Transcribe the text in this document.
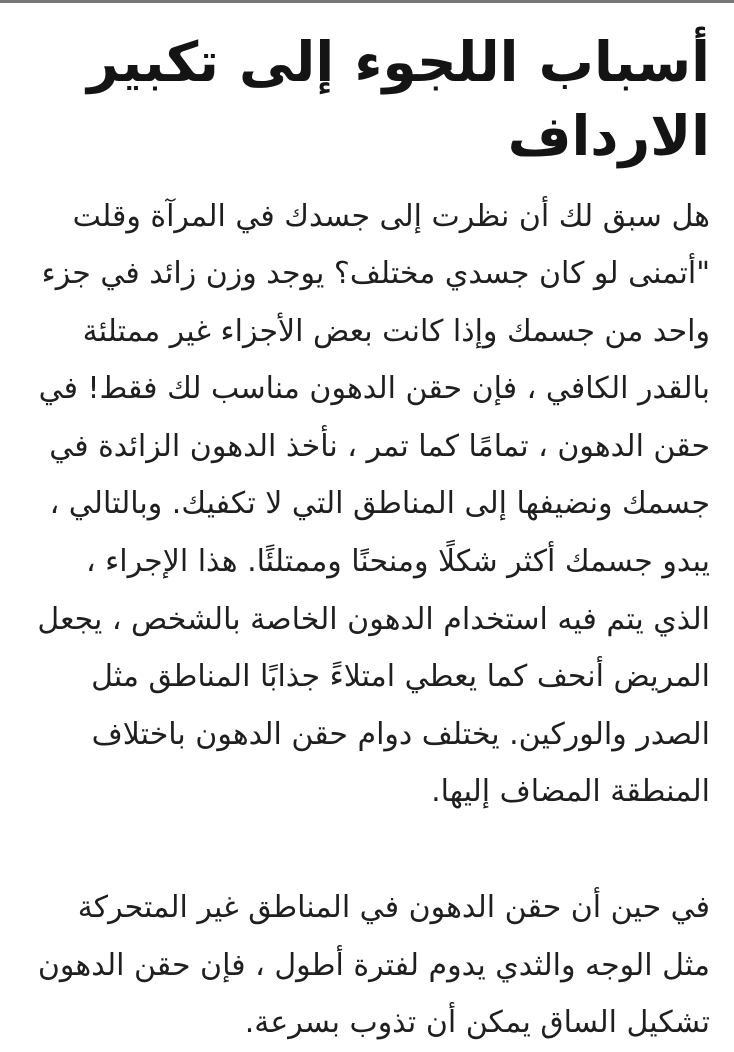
أسباب اللجوء إلى تكبير الارداف

هل سبق لك أن نظرت إلى جسدك في المرآة وقلت "أتمنى لو كان جسدي مختلف؟ يوجد وزن زائد في جزء واحد من جسمك وإذا كانت بعض الأجزاء غير ممتلئة بالقدر الكافي ، فإن حقن الدهون مناسب لك فقط! في حقن الدهون ، تمامًا كما تمر ، نأخذ الدهون الزائدة في جسمك ونضيفها إلى المناطق التي لا تكفيك. وبالتالي ، يبدو جسمك أكثر شكلًا ومنحنًا وممتلئًا. هذا الإجراء ، الذي يتم فيه استخدام الدهون الخاصة بالشخص ، يجعل المريض أنحف كما يعطي امتلاءً جذابًا المناطق مثل الصدر والوركين. يختلف دوام حقن الدهون باختلاف المنطقة المضاف إليها.

في حين أن حقن الدهون في المناطق غير المتحركة مثل الوجه والثدي يدوم لفترة أطول ، فإن حقن الدهون تشكيل الساق يمكن أن تذوب بسرعة.
